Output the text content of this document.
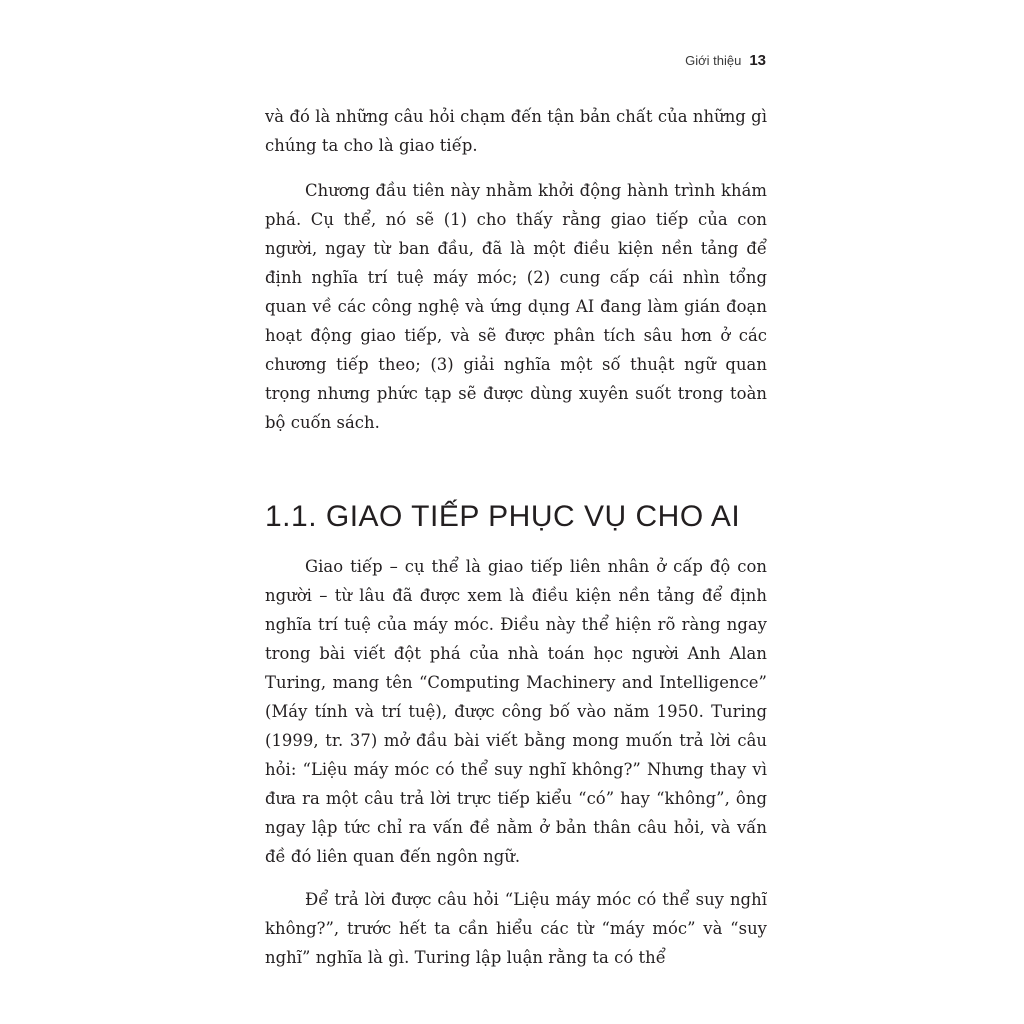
Giới thiệu 13

và đó là những câu hỏi chạm đến tận bản chất của những gì chúng ta cho là giao tiếp.

Chương đầu tiên này nhằm khởi động hành trình khám phá. Cụ thể, nó sẽ (1) cho thấy rằng giao tiếp của con người, ngay từ ban đầu, đã là một điều kiện nền tảng để định nghĩa trí tuệ máy móc; (2) cung cấp cái nhìn tổng quan về các công nghệ và ứng dụng AI đang làm gián đoạn hoạt động giao tiếp, và sẽ được phân tích sâu hơn ở các chương tiếp theo; (3) giải nghĩa một số thuật ngữ quan trọng nhưng phức tạp sẽ được dùng xuyên suốt trong toàn bộ cuốn sách.

1.1. GIAO TIẾP PHỤC VỤ CHO AI

Giao tiếp – cụ thể là giao tiếp liên nhân ở cấp độ con người – từ lâu đã được xem là điều kiện nền tảng để định nghĩa trí tuệ của máy móc. Điều này thể hiện rõ ràng ngay trong bài viết đột phá của nhà toán học người Anh Alan Turing, mang tên “Computing Machinery and Intelligence” (Máy tính và trí tuệ), được công bố vào năm 1950. Turing (1999, tr. 37) mở đầu bài viết bằng mong muốn trả lời câu hỏi: “Liệu máy móc có thể suy nghĩ không?” Nhưng thay vì đưa ra một câu trả lời trực tiếp kiểu “có” hay “không”, ông ngay lập tức chỉ ra vấn đề nằm ở bản thân câu hỏi, và vấn đề đó liên quan đến ngôn ngữ.

Để trả lời được câu hỏi “Liệu máy móc có thể suy nghĩ không?”, trước hết ta cần hiểu các từ “máy móc” và “suy nghĩ” nghĩa là gì. Turing lập luận rằng ta có thể
